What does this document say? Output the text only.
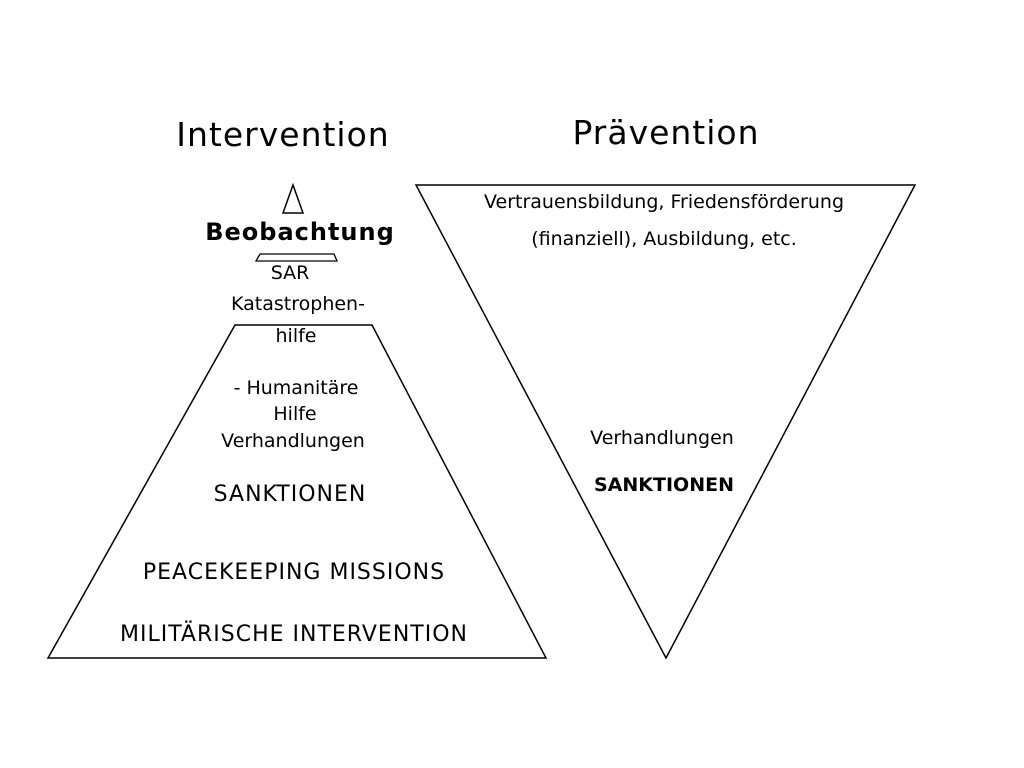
Intervention	Prävention
Beobachtung
SAR
Katastrophen-
hilfe
- Humanitäre
Hilfe
Verhandlungen
SANKTIONEN
PEACEKEEPING MISSIONS
MILITÄRISCHE INTERVENTION
Vertrauensbildung, Friedensförderung
(finanziell), Ausbildung, etc.
Verhandlungen
SANKTIONEN
